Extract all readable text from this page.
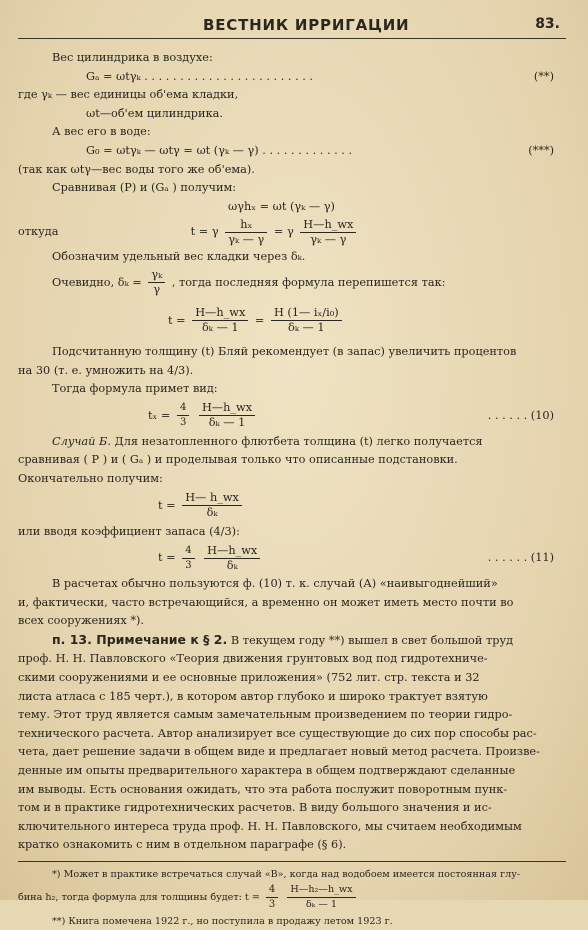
ВЕСТНИК ИРРИГАЦИИ	83.
Вес цилиндрика в воздухе:
Gₐ = ωtγₖ . . . . . . . . . . . . . . . . . . . . . . . .	(**)
где γₖ — вес единицы об'ема кладки,
ωt—об'ем цилиндрика.
А вес его в воде:
G₀ = ωtγₖ — ωtγ = ωt (γₖ — γ) . . . . . . . . . . . . .	(***)
(так как ωtγ—вес воды того же об'ема).
Сравнивая (Р) и (Gₐ ) получим:
ωγhₓ = ωt (γₖ — γ)
откуда	t = γ $\frac{\text{hₓ}}{\text{γₖ — γ}} = \gamma \frac{H—h\_wx}{\text{γₖ — γ}}$
Обозначим удельный вес кладки через δₖ.
Очевидно, $\delta_k = \frac{\text{γₖ}}{\gamma}$ , тогда последняя формула перепишется так:
$t = \frac{H—h\_wx}{\text{δₖ — 1}} = \frac{\text{H (1— iₓ/i₀)}}{\text{δₖ — 1}}$
Подсчитанную толщину (t) Бляй рекомендует (в запас) увеличить процентов
на 30 (т. е. умножить на 4/3).
Тогда формула примет вид:
$t_x = \frac{4}{3}$
$\frac{H—h\_wx}{\text{δₖ — 1}}$	. . . . . . (10)
Случай Б. Для незатопленного флютбета толщина (t) легко получается
сравнивая ( Р ) и ( Gₐ ) и проделывая только что описанные подстановки.
Окончательно получим:
$t = \frac{H— h\_wx}{\text{δₖ}}$
или вводя коэффициент запаса (4/3):
$t = \frac{4}{3}$
$\frac{H—h\_wx}{\text{δₖ}}$	. . . . . . (11)
В расчетах обычно пользуются ф. (10) т. к. случай (А) «наивыгоднейший»
и, фактически, часто встречающийся, а временно он может иметь место почти во
всех сооружениях *).
п. 13. Примечание к § 2. В текущем году **) вышел в свет большой труд
проф. Н. Н. Павловского «Теория движения грунтовых вод под гидротехниче-
скими сооружениями и ее основные приложения» (752 лит. стр. текста и 32
листа атласа с 185 черт.), в котором автор глубоко и широко трактует взятую
тему. Этот труд является самым замечательным произведением по теории гидро-
технического расчета. Автор анализирует все существующие до сих пор способы рас-
чета, дает решение задачи в общем виде и предлагает новый метод расчета. Произве-
денные им опыты предварительного характера в общем подтверждают сделанные
им выводы. Есть основания ожидать, что эта работа послужит поворотным пунк-
том и в практике гидротехнических расчетов. В виду большого значения и ис-
ключительного интереса труда проф. Н. Н. Павловского, мы считаем необходимым
кратко ознакомить с ним в отдельном параграфе (§ 6).
*) Может в практике встречаться случай «В», когда над водобоем имеется постоянная глу-
бина h₂, тогда формула для толщины будет: $t = \frac{4}{3}$
$\frac{\text{H—h₂—h\_wx}}{\text{δₖ — 1}}$
**) Книга помечена 1922 г., но поступила в продажу летом 1923 г.
